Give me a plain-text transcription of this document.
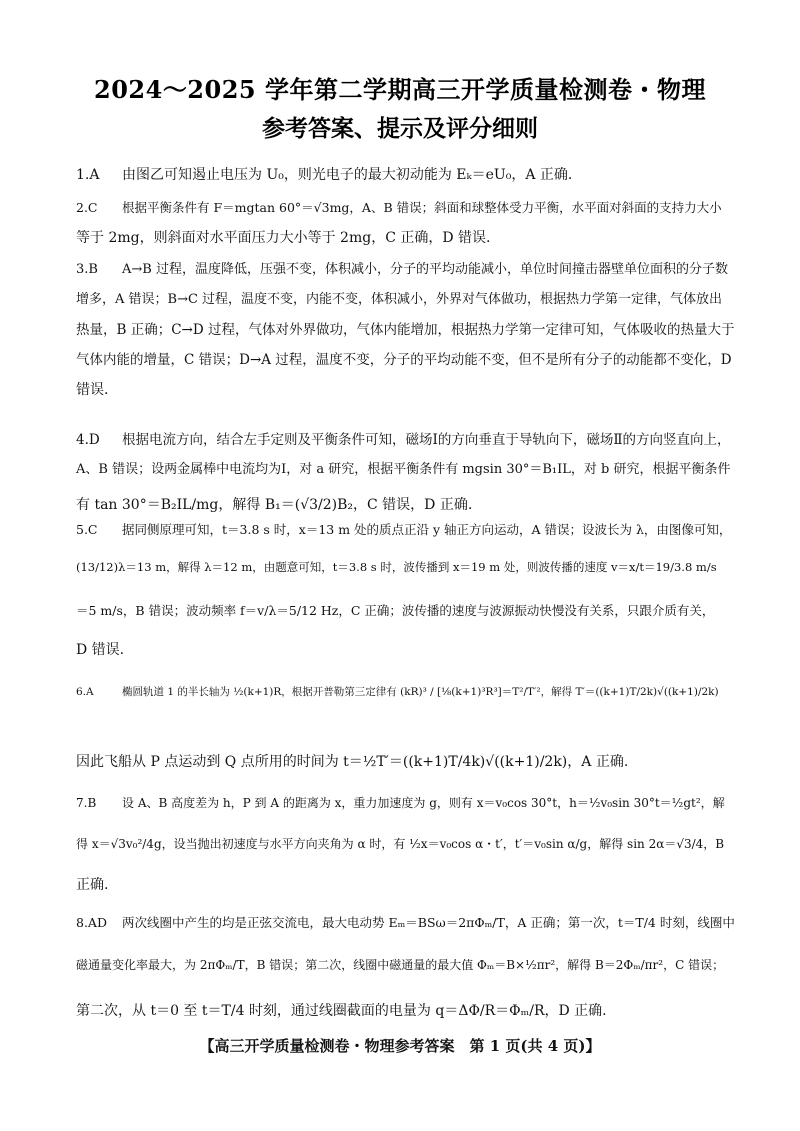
2024～2025 学年第二学期高三开学质量检测卷・物理
参考答案、提示及评分细则

1.A 由图乙可知遏止电压为 U₀，则光电子的最大初动能为 Eₖ＝eU₀，A 正确.

2.C 根据平衡条件有 F＝mgtan 60°＝√3mg，A、B 错误；斜面和球整体受力平衡，水平面对斜面的支持力大小

等于 2mg，则斜面对水平面压力大小等于 2mg，C 正确，D 错误.

3.B A→B 过程，温度降低，压强不变，体积减小，分子的平均动能减小，单位时间撞击器壁单位面积的分子数

增多，A 错误；B→C 过程，温度不变，内能不变，体积减小，外界对气体做功，根据热力学第一定律，气体放出

热量，B 正确；C→D 过程，气体对外界做功，气体内能增加，根据热力学第一定律可知，气体吸收的热量大于

气体内能的增量，C 错误；D→A 过程，温度不变，分子的平均动能不变，但不是所有分子的动能都不变化，D

错误.

4.D 根据电流方向，结合左手定则及平衡条件可知，磁场Ⅰ的方向垂直于导轨向下，磁场Ⅱ的方向竖直向上，

A、B 错误；设两金属棒中电流均为Ⅰ，对 a 研究，根据平衡条件有 mgsin 30°＝B₁IL，对 b 研究，根据平衡条件

有 tan 30°＝B₂IL/mg，解得 B₁＝(√3/2)B₂，C 错误，D 正确.

5.C 据同侧原理可知，t＝3.8 s 时，x＝13 m 处的质点正沿 y 轴正方向运动，A 错误；设波长为 λ，由图像可知，

(13/12)λ＝13 m，解得 λ＝12 m，由题意可知，t＝3.8 s 时，波传播到 x＝19 m 处，则波传播的速度 v＝x/t＝19/3.8 m/s

＝5 m/s，B 错误；波动频率 f＝v/λ＝5/12 Hz，C 正确；波传播的速度与波源振动快慢没有关系，只跟介质有关，

D 错误.

6.A	椭圆轨道 1 的半长轴为 ½(k+1)R，根据开普勒第三定律有 (kR)³ / [⅛(k+1)³R³]＝T²/T′²，解得 T′＝((k+1)T/2k)√((k+1)/2k)

因此飞船从 P 点运动到 Q 点所用的时间为 t＝½T′＝((k+1)T/4k)√((k+1)/2k)，A 正确.

7.B 设 A、B 高度差为 h，P 到 A 的距离为 x，重力加速度为 g，则有 x＝v₀cos 30°t，h＝½v₀sin 30°t＝½gt²，解

得 x＝√3v₀²/4g，设当抛出初速度与水平方向夹角为 α 时，有 ½x＝v₀cos α・t′，t′＝v₀sin α/g，解得 sin 2α＝√3/4，B

正确.

8.AD 两次线圈中产生的均是正弦交流电，最大电动势 Eₘ＝BSω＝2πΦₘ/T，A 正确；第一次，t＝T/4 时刻，线圈中

磁通量变化率最大，为 2πΦₘ/T，B 错误；第二次，线圈中磁通量的最大值 Φₘ＝B×½πr²，解得 B＝2Φₘ/πr²，C 错误；

第二次，从 t＝0 至 t＝T/4 时刻，通过线圈截面的电量为 q＝ΔΦ/R＝Φₘ/R，D 正确.

【高三开学质量检测卷・物理参考答案　第 1 页(共 4 页)】
